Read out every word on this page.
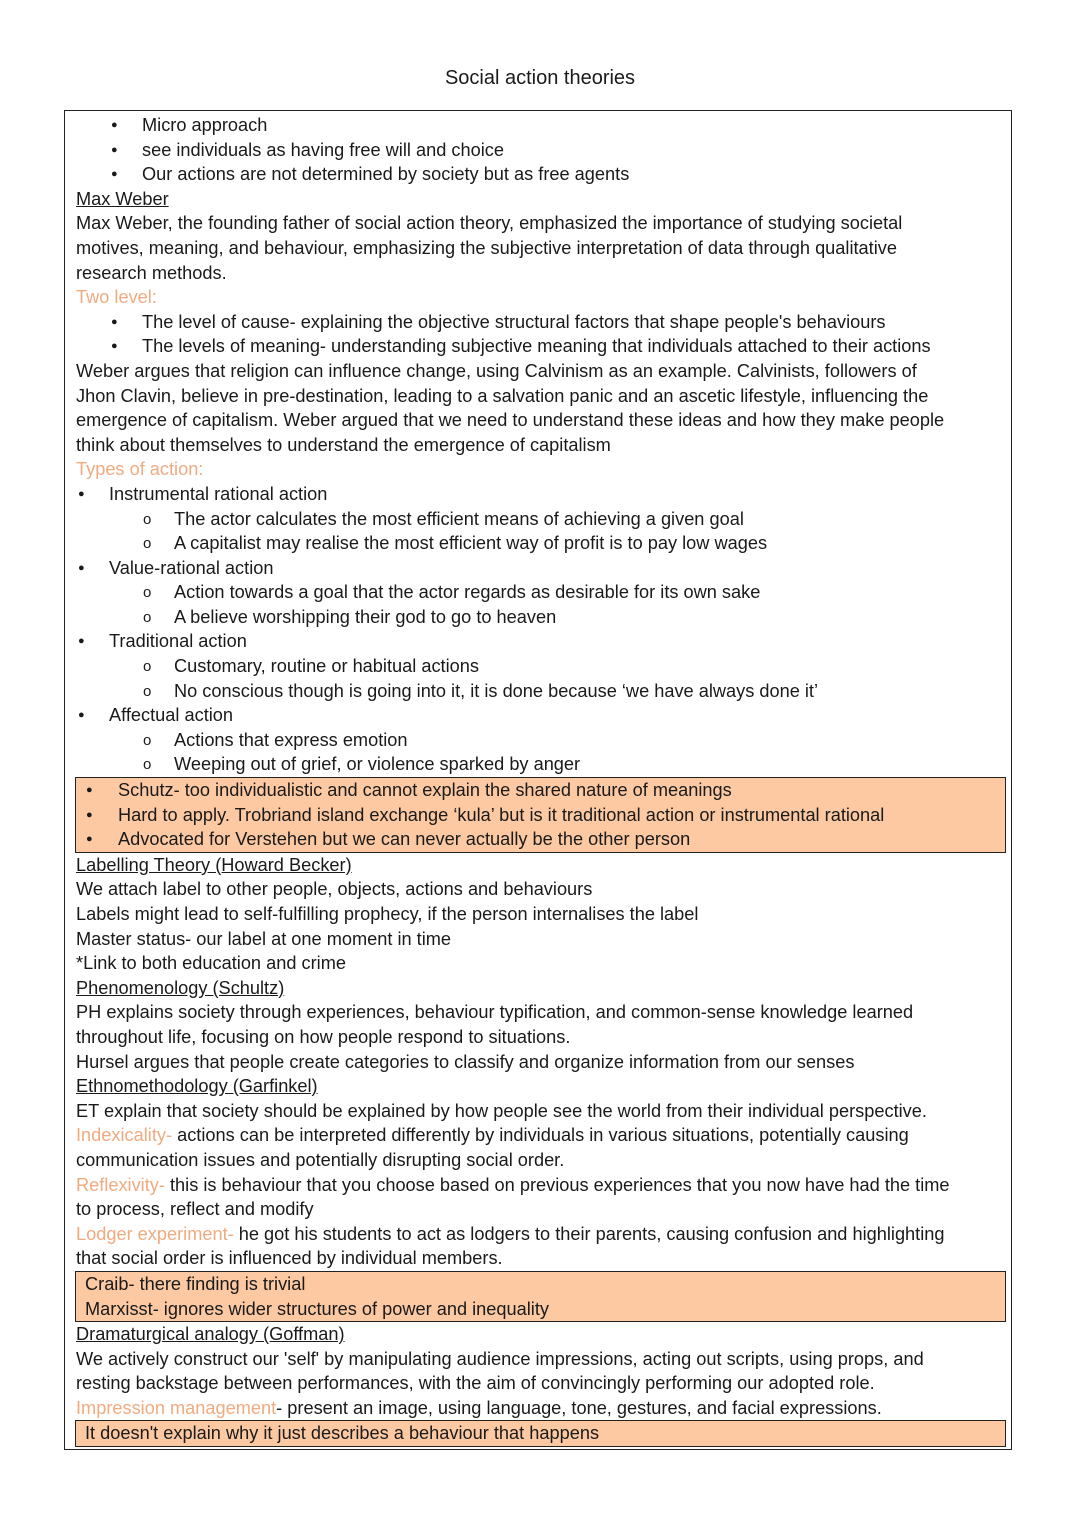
Social action theories
● Micro approach
● see individuals as having free will and choice
● Our actions are not determined by society but as free agents
Max Weber
Max Weber, the founding father of social action theory, emphasized the importance of studying societal
motives, meaning, and behaviour, emphasizing the subjective interpretation of data through qualitative
research methods.
Two level:
● The level of cause- explaining the objective structural factors that shape people's behaviours
● The levels of meaning- understanding subjective meaning that individuals attached to their actions
Weber argues that religion can influence change, using Calvinism as an example. Calvinists, followers of
Jhon Clavin, believe in pre-destination, leading to a salvation panic and an ascetic lifestyle, influencing the
emergence of capitalism. Weber argued that we need to understand these ideas and how they make people
think about themselves to understand the emergence of capitalism
Types of action:
● Instrumental rational action
o The actor calculates the most efficient means of achieving a given goal
o A capitalist may realise the most efficient way of profit is to pay low wages
● Value-rational action
o Action towards a goal that the actor regards as desirable for its own sake
o A believe worshipping their god to go to heaven
● Traditional action
o Customary, routine or habitual actions
o No conscious though is going into it, it is done because ‘we have always done it’
● Affectual action
o Actions that express emotion
o Weeping out of grief, or violence sparked by anger
● Schutz- too individualistic and cannot explain the shared nature of meanings
● Hard to apply. Trobriand island exchange ‘kula’ but is it traditional action or instrumental rational
● Advocated for Verstehen but we can never actually be the other person
Labelling Theory (Howard Becker)
We attach label to other people, objects, actions and behaviours
Labels might lead to self-fulfilling prophecy, if the person internalises the label
Master status- our label at one moment in time
*Link to both education and crime
Phenomenology (Schultz)
PH explains society through experiences, behaviour typification, and common-sense knowledge learned
throughout life, focusing on how people respond to situations.
Hursel argues that people create categories to classify and organize information from our senses
Ethnomethodology (Garfinkel)
ET explain that society should be explained by how people see the world from their individual perspective.
Indexicality- actions can be interpreted differently by individuals in various situations, potentially causing
communication issues and potentially disrupting social order.
Reflexivity- this is behaviour that you choose based on previous experiences that you now have had the time
to process, reflect and modify
Lodger experiment- he got his students to act as lodgers to their parents, causing confusion and highlighting
that social order is influenced by individual members.
Craib- there finding is trivial
Marxisst- ignores wider structures of power and inequality
Dramaturgical analogy (Goffman)
We actively construct our 'self' by manipulating audience impressions, acting out scripts, using props, and
resting backstage between performances, with the aim of convincingly performing our adopted role.
Impression management- present an image, using language, tone, gestures, and facial expressions.
It doesn't explain why it just describes a behaviour that happens
